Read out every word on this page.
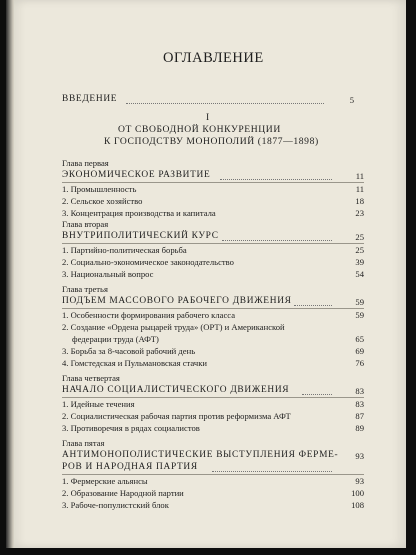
ОГЛАВЛЕНИЕ
ВВЕДЕНИЕ	5
I
ОТ СВОБОДНОЙ КОНКУРЕНЦИИ
К ГОСПОДСТВУ МОНОПОЛИЙ (1877—1898)
Глава первая
ЭКОНОМИЧЕСКОЕ РАЗВИТИЕ	11
1. Промышленность	11
2. Сельское хозяйство	18
3. Концентрация производства и капитала	23
Глава вторая
ВНУТРИПОЛИТИЧЕСКИЙ КУРС	25
1. Партийно-политическая борьба	25
2. Социально-экономическое законодательство	39
3. Национальный вопрос	54
Глава третья
ПОДЪЕМ МАССОВОГО РАБОЧЕГО ДВИЖЕНИЯ	59
1. Особенности формирования рабочего класса	59
2. Создание «Ордена рыцарей труда» (ОРТ) и Американской
федерации труда (АФТ)	65
3. Борьба за 8-часовой рабочий день	69
4. Гомстедская и Пульмановская стачки	76
Глава четвертая
НАЧАЛО СОЦИАЛИСТИЧЕСКОГО ДВИЖЕНИЯ	83
1. Идейные течения	83
2. Социалистическая рабочая партия против реформизма АФТ	87
3. Противоречия в рядах социалистов	89
Глава пятая
АНТИМОНОПОЛИСТИЧЕСКИЕ ВЫСТУПЛЕНИЯ ФЕРМЕ-
РОВ И НАРОДНАЯ ПАРТИЯ
93
1. Фермерские альянсы	93
2. Образование Народной партии	100
3. Рабоче-популистский блок	108
